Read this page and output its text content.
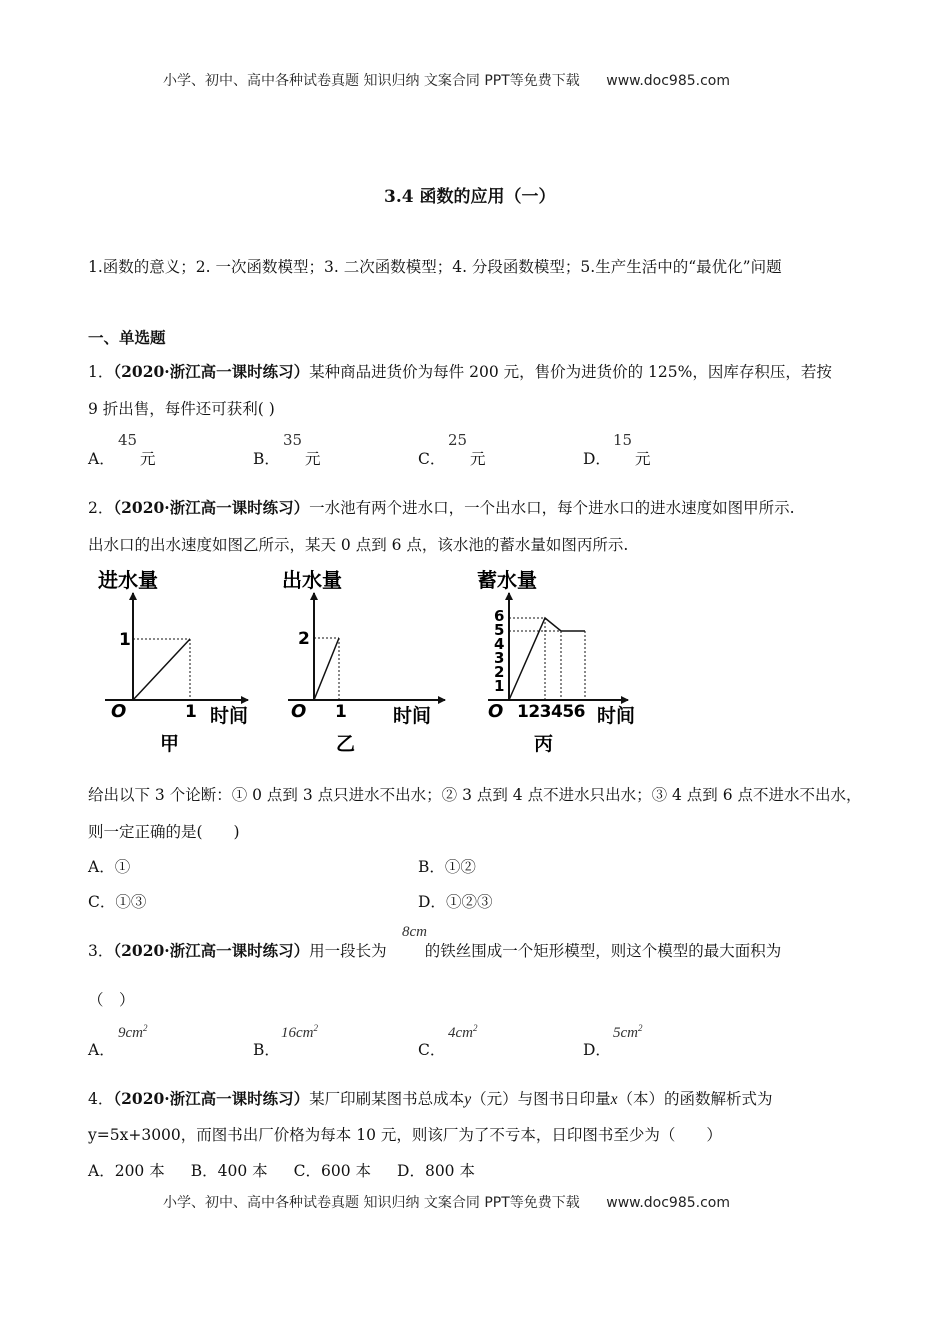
小学、初中、高中各种试卷真题 知识归纳 文案合同 PPT等免费下载 www.doc985.com
3.4 函数的应用（一）
1.函数的意义；2. 一次函数模型；3. 二次函数模型；4. 分段函数模型；5.生产生活中的“最优化”问题
一、单选题
1．（2020·浙江高一课时练习）某种商品进货价为每件 200 元，售价为进货价的 125%，因库存积压，若按
9 折出售，每件还可获利( )
A．
45
元	B．
35
元	C．
25
元	D．
15
元
2．（2020·浙江高一课时练习）一水池有两个进水口，一个出水口，每个进水口的进水速度如图甲所示.
出水口的出水速度如图乙所示，某天 0 点到 6 点，该水池的蓄水量如图丙所示.
进水量
1
O	1 时间
甲
出水量
2
O 1 时间
乙
蓄水量
6
5
4
3
2
1
O 123456 时间
丙
给出以下 3 个论断：① 0 点到 3 点只进水不出水；② 3 点到 4 点不进水只出水；③ 4 点到 6 点不进水不出水，
则一定正确的是(　　)
A．①	B．①②
C．①③	D．①②③
3．（2020·浙江高一课时练习）用一段长为 的铁丝围成一个矩形模型，则这个模型的最大面积为
8cm
（　）
A．
$9cm^2$
B．
$16cm^2$
C．
$4cm^2$
D．
$5cm^2$
4．（2020·浙江高一课时练习）某厂印刷某图书总成本y（元）与图书日印量x（本）的函数解析式为
y=5x+3000，而图书出厂价格为每本 10 元，则该厂为了不亏本，日印图书至少为（　　）
A．200 本 B．400 本 C．600 本 D．800 本
小学、初中、高中各种试卷真题 知识归纳 文案合同 PPT等免费下载 www.doc985.com
